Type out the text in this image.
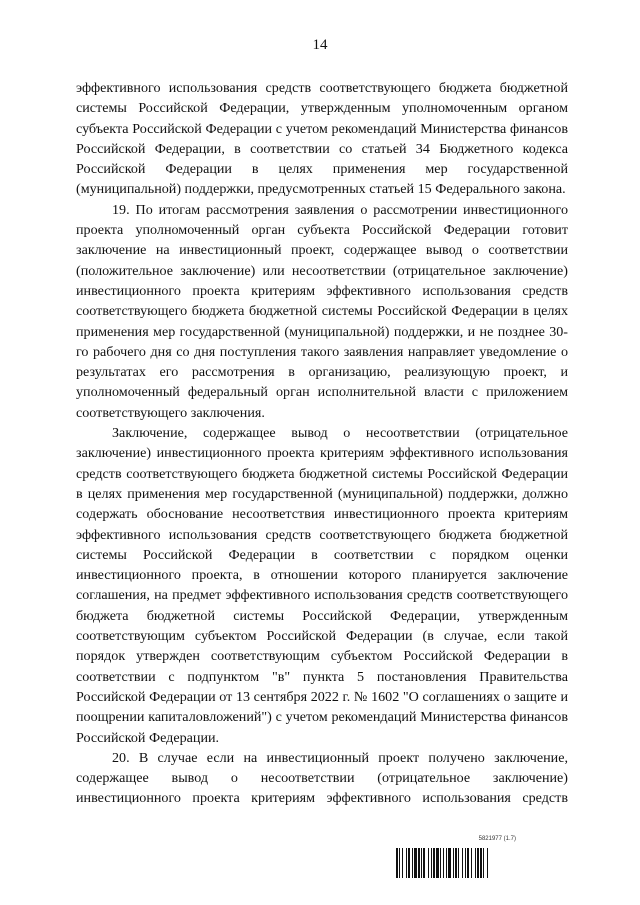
14

эффективного использования средств соответствующего бюджета бюджетной системы Российской Федерации, утвержденным уполномоченным органом субъекта Российской Федерации с учетом рекомендаций Министерства финансов Российской Федерации, в соответствии со статьей 34 Бюджетного кодекса Российской Федерации в целях применения мер государственной (муниципальной) поддержки, предусмотренных статьей 15 Федерального закона.

19. По итогам рассмотрения заявления о рассмотрении инвестиционного проекта уполномоченный орган субъекта Российской Федерации готовит заключение на инвестиционный проект, содержащее вывод о соответствии (положительное заключение) или несоответствии (отрицательное заключение) инвестиционного проекта критериям эффективного использования средств соответствующего бюджета бюджетной системы Российской Федерации в целях применения мер государственной (муниципальной) поддержки, и не позднее 30-го рабочего дня со дня поступления такого заявления направляет уведомление о результатах его рассмотрения в организацию, реализующую проект, и уполномоченный федеральный орган исполнительной власти с приложением соответствующего заключения.

Заключение, содержащее вывод о несоответствии (отрицательное заключение) инвестиционного проекта критериям эффективного использования средств соответствующего бюджета бюджетной системы Российской Федерации в целях применения мер государственной (муниципальной) поддержки, должно содержать обоснование несоответствия инвестиционного проекта критериям эффективного использования средств соответствующего бюджета бюджетной системы Российской Федерации в соответствии с порядком оценки инвестиционного проекта, в отношении которого планируется заключение соглашения, на предмет эффективного использования средств соответствующего бюджета бюджетной системы Российской Федерации, утвержденным соответствующим субъектом Российской Федерации (в случае, если такой порядок утвержден соответствующим субъектом Российской Федерации в соответствии с подпунктом "в" пункта 5 постановления Правительства Российской Федерации от 13 сентября 2022 г. № 1602 "О соглашениях о защите и поощрении капиталовложений") с учетом рекомендаций Министерства финансов Российской Федерации.

20. В случае если на инвестиционный проект получено заключение, содержащее вывод о несоответствии (отрицательное заключение) инвестиционного проекта критериям эффективного использования средств

5821977 (1.7)
